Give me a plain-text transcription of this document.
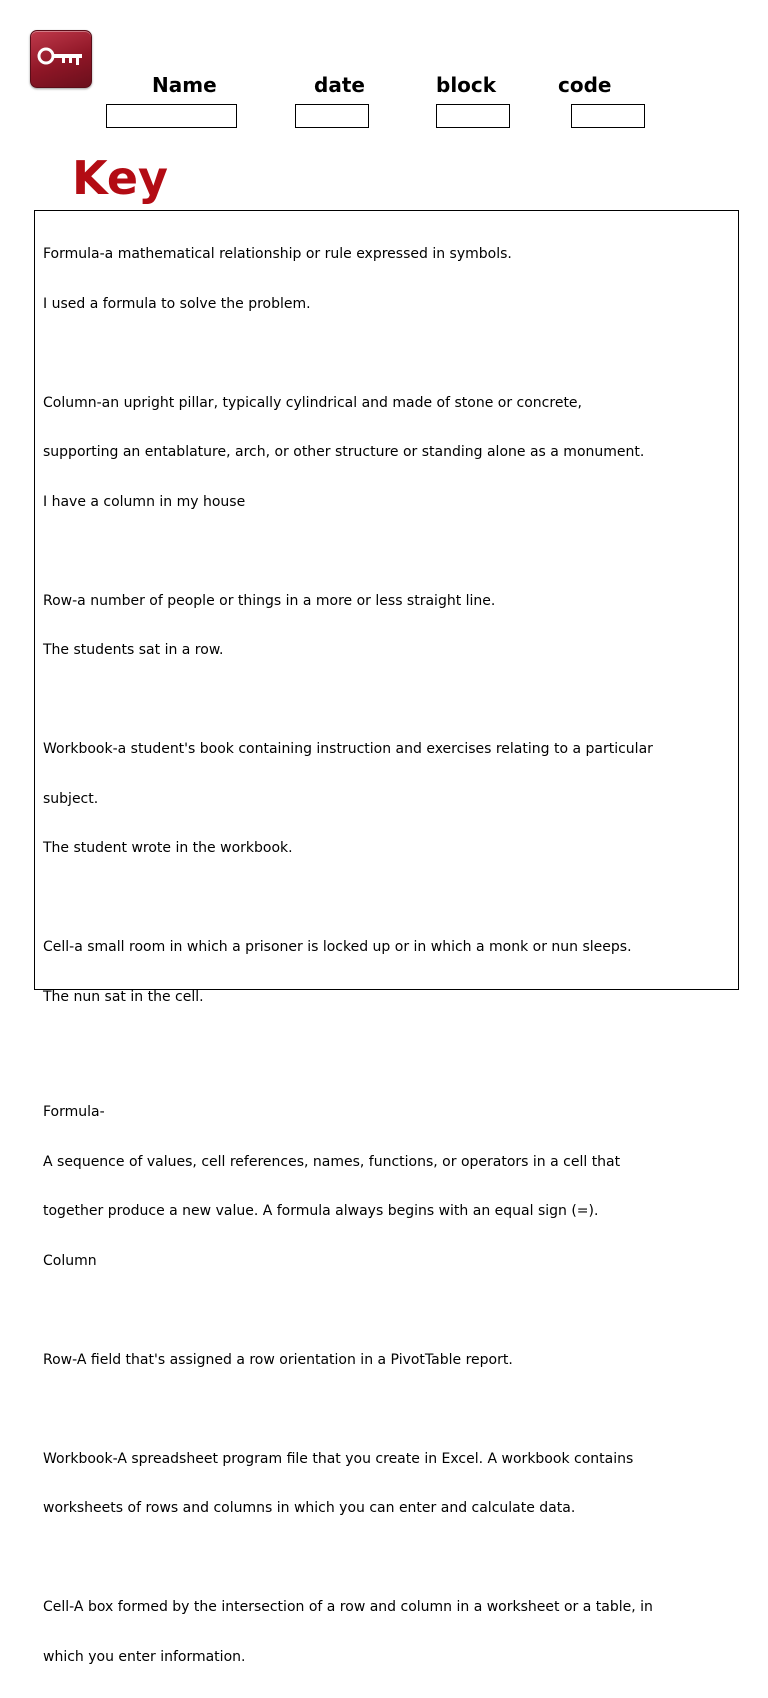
Name	date	block	code
Key

Formula-a mathematical relationship or rule expressed in symbols.

I used a formula to solve the problem.

Column-an upright pillar, typically cylindrical and made of stone or concrete,

supporting an entablature, arch, or other structure or standing alone as a monument.

I have a column in my house

Row-a number of people or things in a more or less straight line.

The students sat in a row.

Workbook-a student's book containing instruction and exercises relating to a particular

subject.

The student wrote in the workbook.

Cell-a small room in which a prisoner is locked up or in which a monk or nun sleeps.

The nun sat in the cell.

Formula-

A sequence of values, cell references, names, functions, or operators in a cell that

together produce a new value. A formula always begins with an equal sign (=).

Column

Row-A field that's assigned a row orientation in a PivotTable report.

Workbook-A spreadsheet program file that you create in Excel. A workbook contains

worksheets of rows and columns in which you can enter and calculate data.

Cell-A box formed by the intersection of a row and column in a worksheet or a table, in

which you enter information.
